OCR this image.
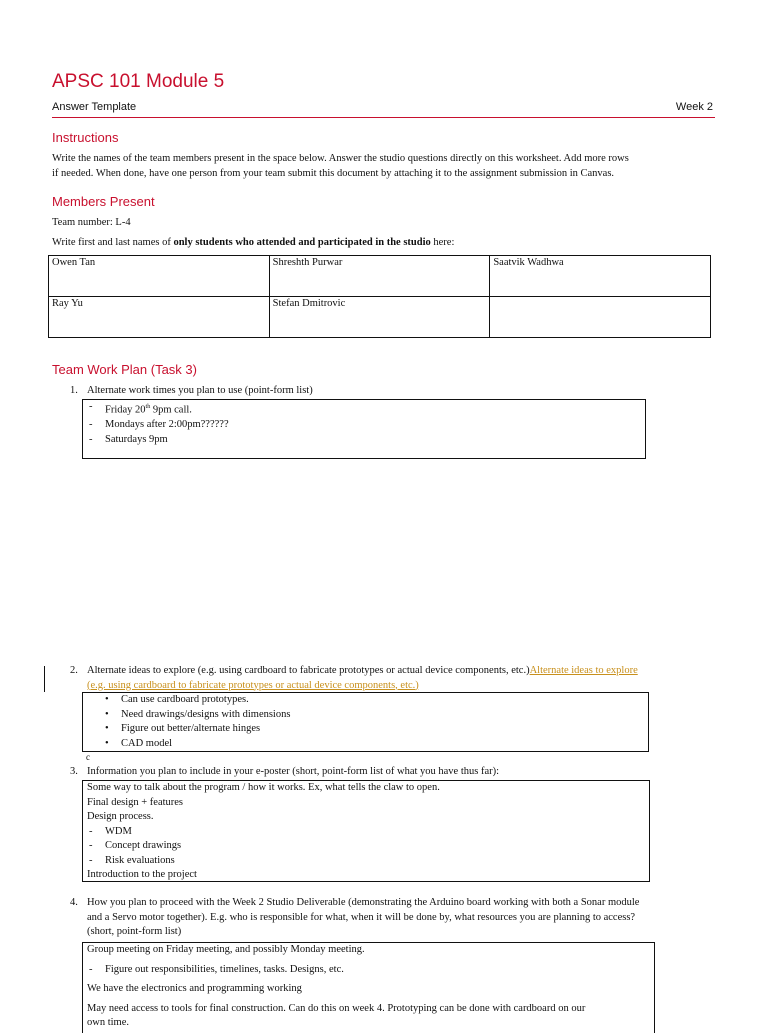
APSC 101 Module 5
Answer Template	Week 2
Instructions
Write the names of the team members present in the space below. Answer the studio questions directly on this worksheet. Add more rows
if needed. When done, have one person from your team submit this document by attaching it to the assignment submission in Canvas.
Members Present
Team number: L-4
Write first and last names of only students who attended and participated in the studio here:
Owen Tan	Shreshth Purwar	Saatvik Wadhwa
Ray Yu	Stefan Dmitrovic	
Team Work Plan (Task 3)
1. Alternate work times you plan to use (point-form list)
- Friday 20th 9pm call.
- Mondays after 2:00pm??????
- Saturdays 9pm
2. Alternate ideas to explore (e.g. using cardboard to fabricate prototypes or actual device components, etc.)Alternate ideas to explore
(e.g. using cardboard to fabricate prototypes or actual device components, etc.)
• Can use cardboard prototypes.
• Need drawings/designs with dimensions
• Figure out better/alternate hinges
• CAD model
c
3. Information you plan to include in your e-poster (short, point-form list of what you have thus far):
Some way to talk about the program / how it works. Ex, what tells the claw to open.
Final design + features
Design process.
- WDM
- Concept drawings
- Risk evaluations
Introduction to the project
4. How you plan to proceed with the Week 2 Studio Deliverable (demonstrating the Arduino board working with both a Sonar module
and a Servo motor together). E.g. who is responsible for what, when it will be done by, what resources you are planning to access?
(short, point-form list)
Group meeting on Friday meeting, and possibly Monday meeting.
- Figure out responsibilities, timelines, tasks. Designs, etc.
We have the electronics and programming working
May need access to tools for final construction. Can do this on week 4. Prototyping can be done with cardboard on our
own time.
